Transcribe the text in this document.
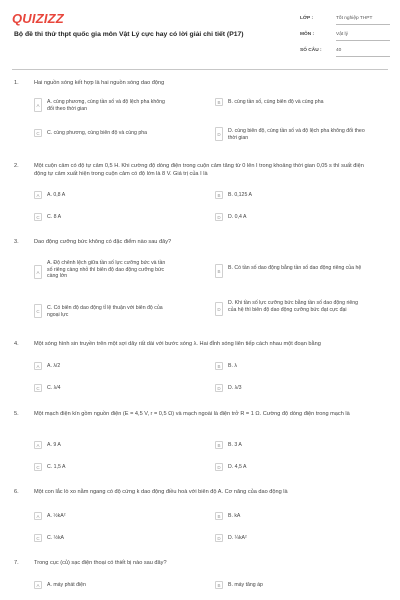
QUIZIZZ
Bộ đề thi thử thpt quốc gia môn Vật Lý cực hay có lời giải chi tiết (P17)
LỚP :	Tốt nghiệp THPT
MÔN :	Vật lý
SỐ CÂU :	40
1.	Hai nguồn sóng kết hợp là hai nguồn sóng dao động
A
A. cùng phương, cùng tần số và độ lệch pha không đổi theo thời gian
B	B. cùng tần số, cùng biên độ và cùng pha
C	C. cùng phương, cùng biên độ và cùng pha	D
D. cùng biên độ, cùng tần số và độ lệch pha không đổi theo thời gian
2.	Một cuộn cảm có độ tự cảm 0,5 H. Khi cường độ dòng điện trong cuộn cảm tăng từ 0 lên I trong khoảng thời gian 0,05 s thì suất điện động tự cảm xuất hiện trong cuộn cảm có độ lớn là 8 V. Giá trị của I là
A	A. 0,8 A	B	B. 0,125 A
C	C. 8 A	D	D. 0,4 A
3.	Dao động cưỡng bức không có đặc điểm nào sau đây?
A
A. Độ chênh lệch giữa tần số lực cưỡng bức và tần số riêng càng nhỏ thì biên độ dao động cưỡng bức càng lớn
B
B. Có tần số dao động bằng tần số dao động riêng của hệ
C
C. Có biên độ dao động tỉ lệ thuận với biên độ của ngoại lực
D
D. Khi tần số lực cưỡng bức bằng tần số dao động riêng của hệ thì biên độ dao động cưỡng bức đạt cực đại
4.	Một sóng hình sin truyền trên một sợi dây rất dài với bước sóng λ. Hai đỉnh sóng liên tiếp cách nhau một đoạn bằng
A	A. λ/2	B	B. λ
C	C. λ/4	D	D. λ/3
5.	Một mạch điện kín gồm nguồn điện (E = 4,5 V, r = 0,5 Ω) và mạch ngoài là điện trở R = 1 Ω. Cường độ dòng điện trong mạch là
A	A. 9 A	B	B. 3 A
C	C. 1,5 A	D	D. 4,5 A
6.	Một con lắc lò xo nằm ngang có độ cứng k dao động điều hoà với biên độ A. Cơ năng của dao động là
A	A. ½kA²	B	B. kA
C	C. ½kA	D	D. ¼kA²
7.	Trong cục (củ) sạc điện thoại có thiết bị nào sau đây?
A	A. máy phát điện	B	B. máy tăng áp
